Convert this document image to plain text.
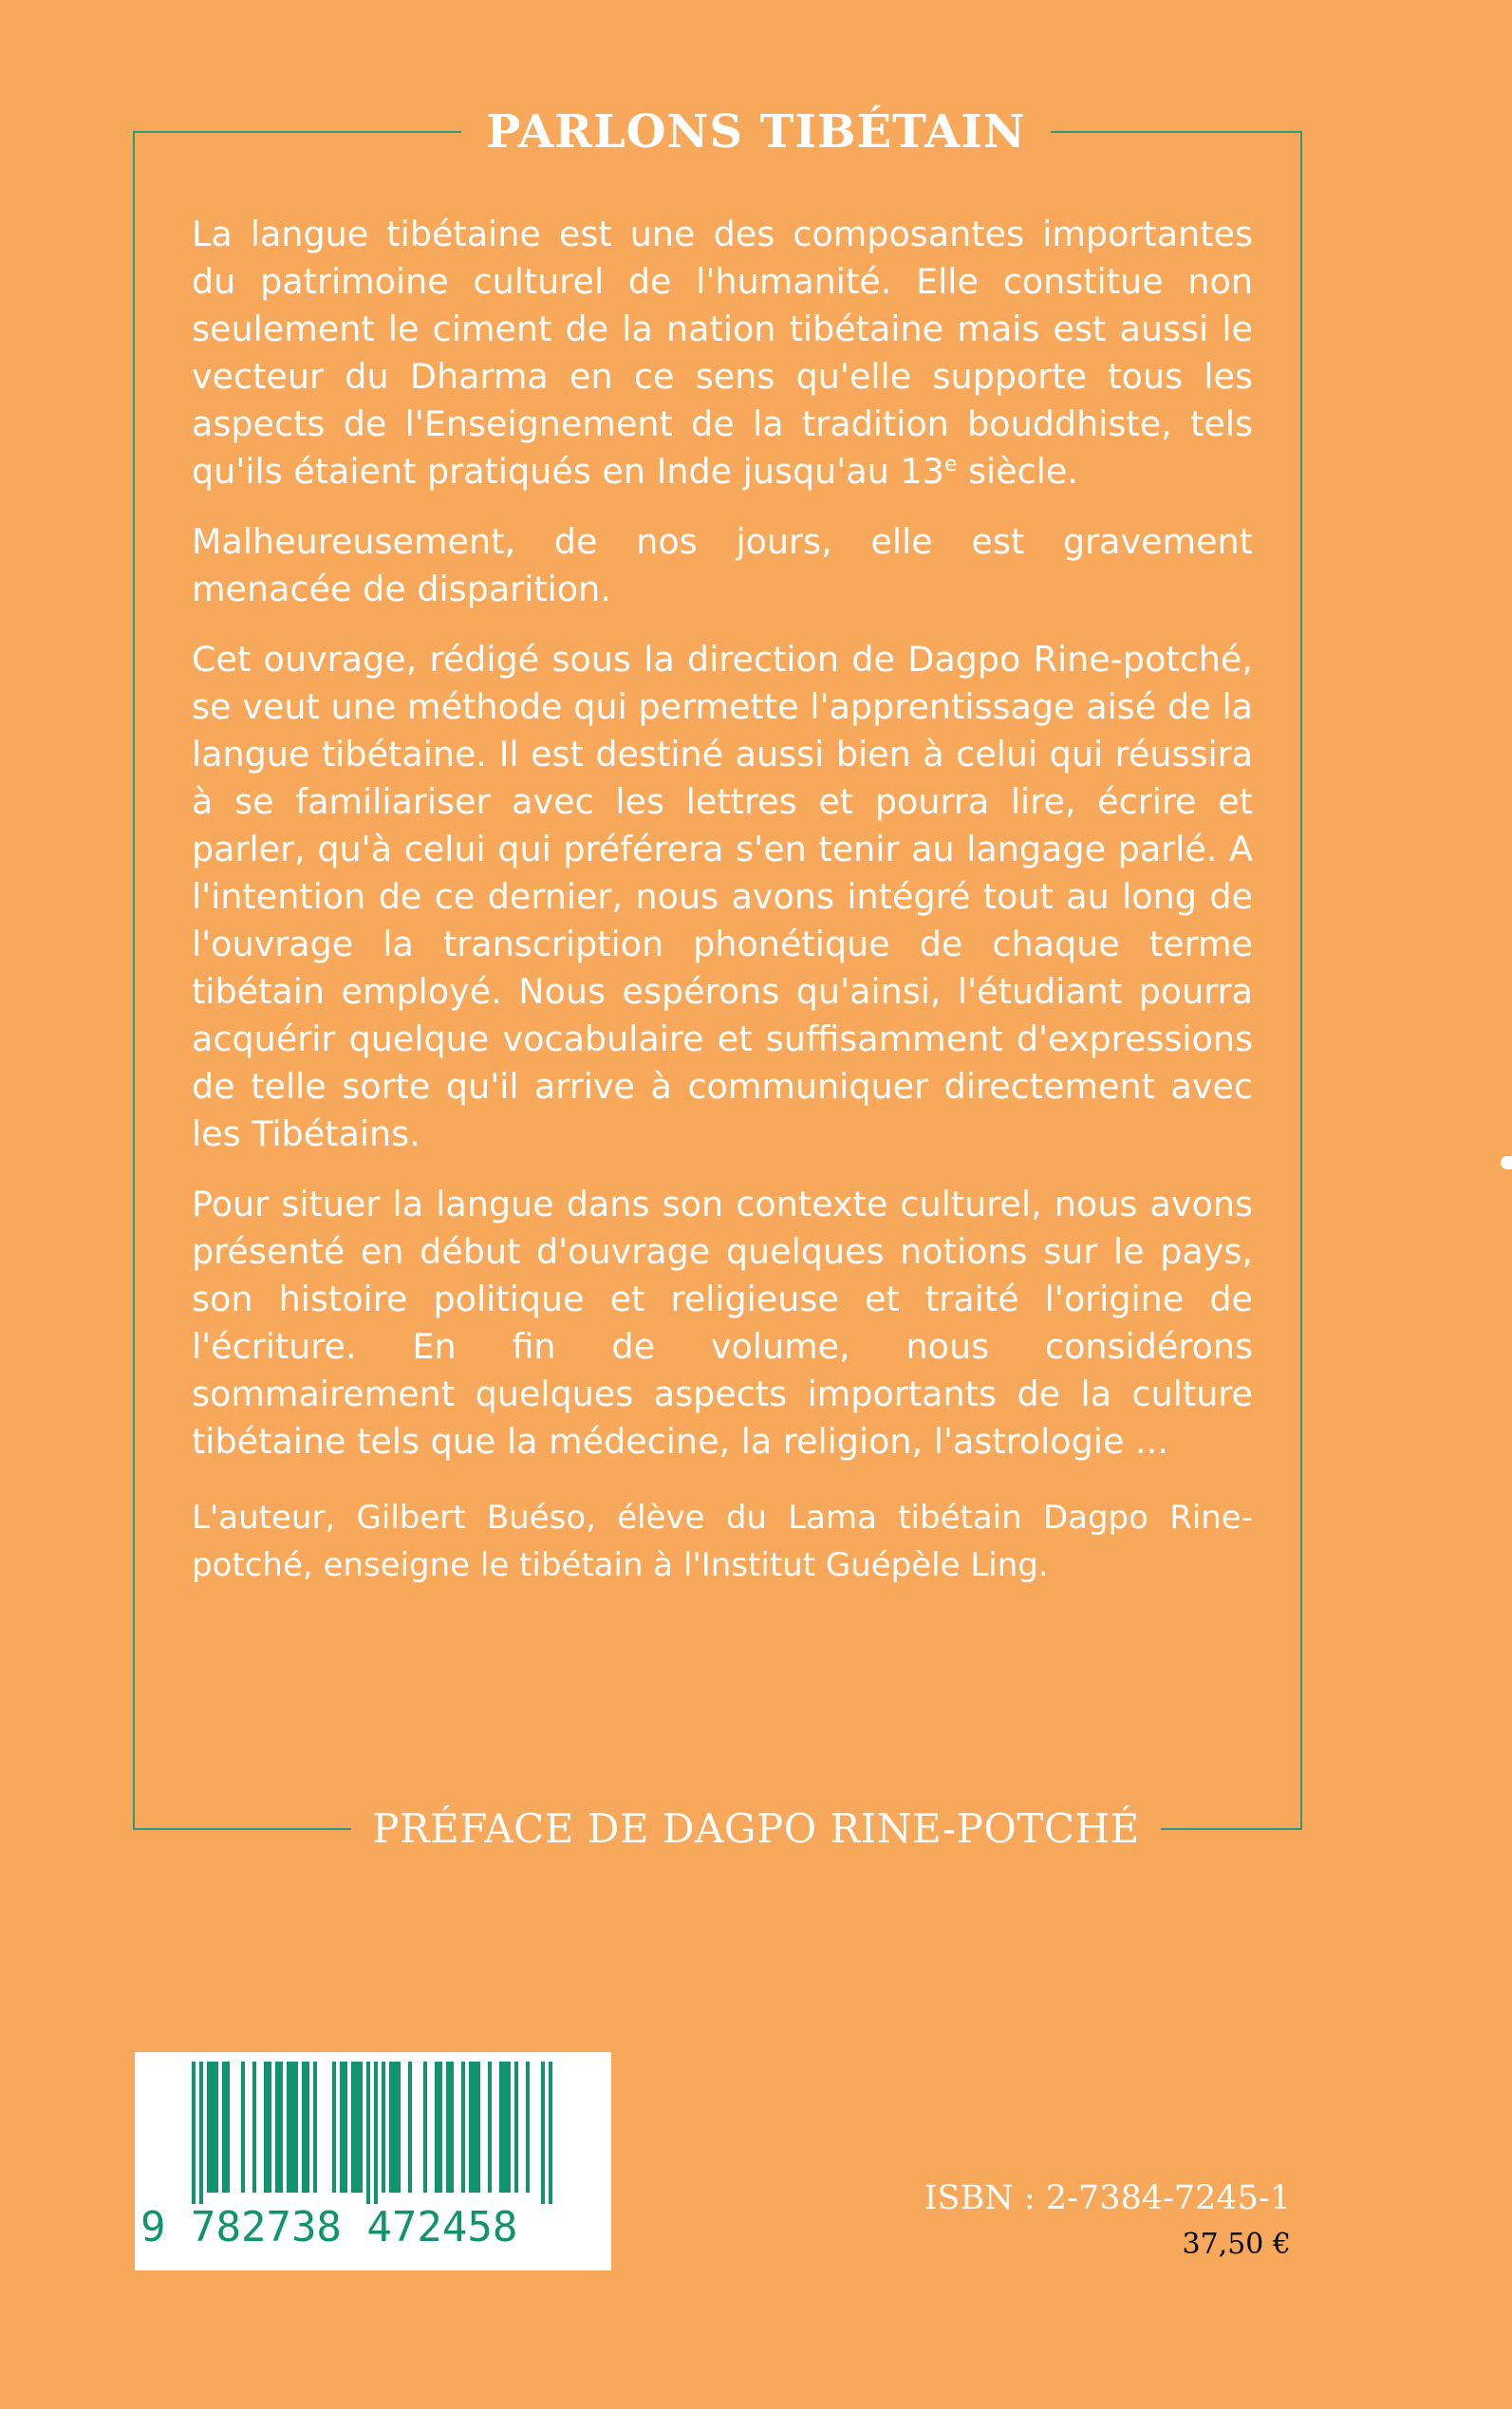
PARLONS TIBÉTAIN

La langue tibétaine est une des composantes importantes du patrimoine culturel de l'humanité. Elle constitue non seulement le ciment de la nation tibétaine mais est aussi le vecteur du Dharma en ce sens qu'elle supporte tous les aspects de l'Enseignement de la tradition bouddhiste, tels qu'ils étaient pratiqués en Inde jusqu'au 13e siècle.

Malheureusement, de nos jours, elle est gravement menacée de disparition.

Cet ouvrage, rédigé sous la direction de Dagpo Rine-potché, se veut une méthode qui permette l'apprentissage aisé de la langue tibétaine. Il est destiné aussi bien à celui qui réussira à se familiariser avec les lettres et pourra lire, écrire et parler, qu'à celui qui préférera s'en tenir au langage parlé. A l'intention de ce dernier, nous avons intégré tout au long de l'ouvrage la transcription phonétique de chaque terme tibétain employé. Nous espérons qu'ainsi, l'étudiant pourra acquérir quelque vocabulaire et suffisamment d'expressions de telle sorte qu'il arrive à communiquer directement avec les Tibétains.

Pour situer la langue dans son contexte culturel, nous avons présenté en début d'ouvrage quelques notions sur le pays, son histoire politique et religieuse et traité l'origine de l'écriture. En fin de volume, nous considérons sommairement quelques aspects importants de la culture tibétaine tels que la médecine, la religion, l'astrologie ...

L'auteur, Gilbert Buéso, élève du Lama tibétain Dagpo Rine-potché, enseigne le tibétain à l'Institut Guépèle Ling.

PRÉFACE DE DAGPO RINE-POTCHÉ
9 782738 472458
ISBN : 2-7384-7245-1
37,50 €
